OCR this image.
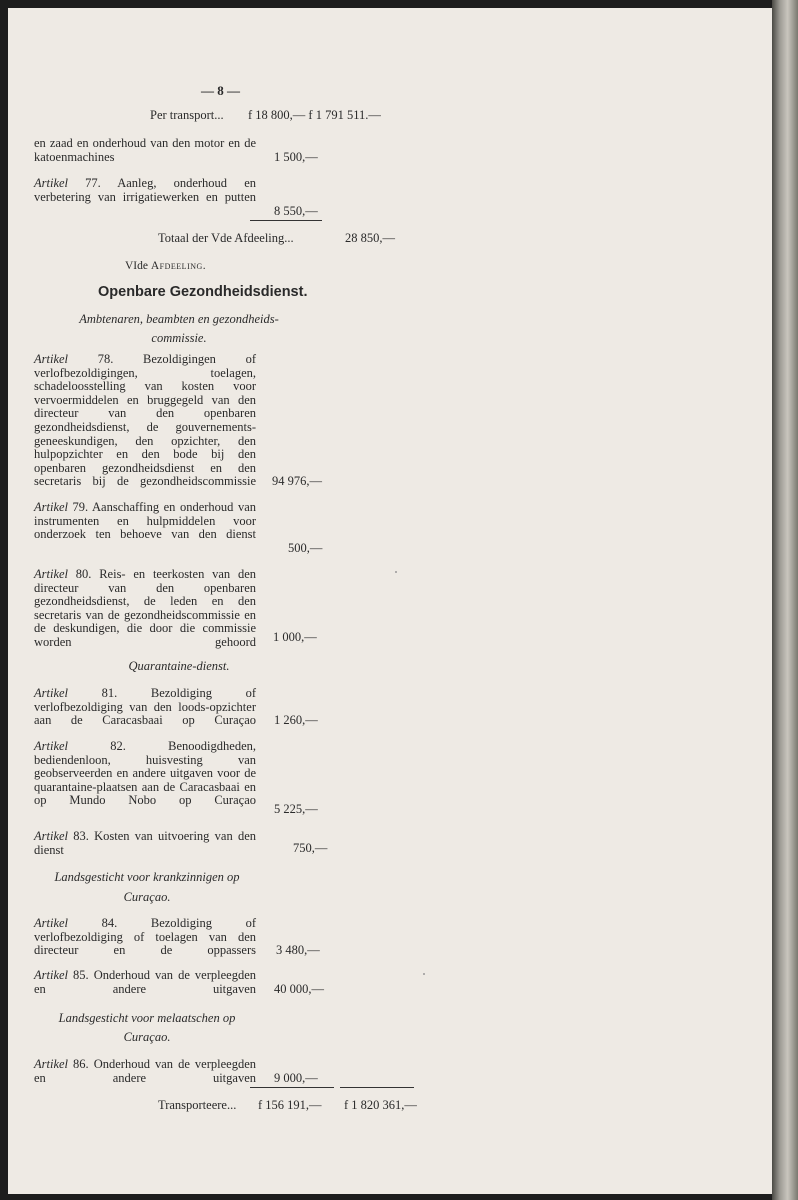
— 8 —
Per transport... f 18 800,— f 1 791 511.—

en zaad en onderhoud van den motor en de katoenmachines	1 500,—

Artikel 77. Aanleg, onderhoud en verbetering van irrigatiewerken en putten

8 550,—
Totaal der Vde Afdeeling...	28 850,—
VIde Afdeeling.
Openbare Gezondheidsdienst.
Ambtenaren, beambten en gezondheids-
commissie.

Artikel 78. Bezoldigingen of verlofbezoldigingen, toelagen, schadeloosstelling van kosten voor vervoermiddelen en bruggegeld van den directeur van den openbaren gezondheidsdienst, de gouvernements-geneeskundigen, den opzichter, den hulpopzichter en den bode bij den openbaren gezondheidsdienst en den secretaris bij de gezondheidscommissie 94 976,—

Artikel 79. Aanschaffing en onderhoud van instrumenten en hulpmiddelen voor onderzoek ten behoeve van den dienst

500,—

Artikel 80. Reis- en teerkosten van den directeur van den openbaren gezondheidsdienst, de leden en den secretaris van de gezondheidscommissie en de deskundigen, die door die commissie worden gehoord 1 000,—
Quarantaine-dienst.

Artikel 81. Bezoldiging of verlofbezoldiging van den loods-opzichter aan de Caracasbaai op Curaçao 1 260,—

Artikel 82. Benoodigdheden, bediendenloon, huisvesting van geobserveerden en andere uitgaven voor de quarantaine-plaatsen aan de Caracasbaai en op Mundo Nobo op Curaçao

5 225,—

Artikel 83. Kosten van uitvoering van den dienst	750,—
Landsgesticht voor krankzinnigen op
Curaçao.

Artikel 84. Bezoldiging of verlofbezoldiging of toelagen van den directeur en de oppassers 3 480,—

Artikel 85. Onderhoud van de verpleegden en andere uitgaven 40 000,—
Landsgesticht voor melaatschen op
Curaçao.

Artikel 86. Onderhoud van de verpleegden en andere uitgaven 9 000,—
Transporteere... f 156 191,— f 1 820 361,—
